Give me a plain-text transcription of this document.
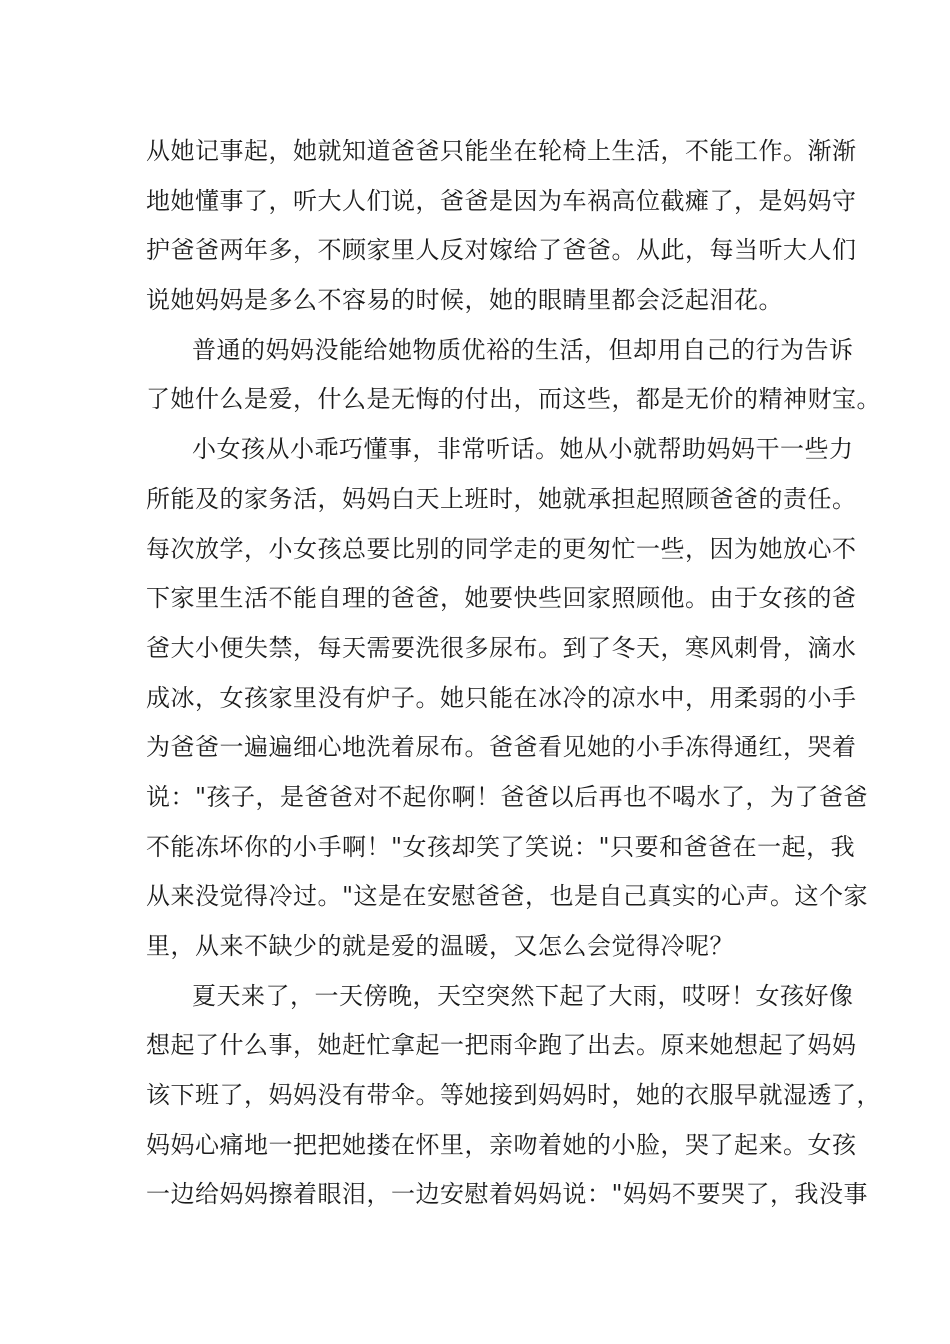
从她记事起，她就知道爸爸只能坐在轮椅上生活，不能工作。渐渐
地她懂事了，听大人们说，爸爸是因为车祸高位截瘫了，是妈妈守
护爸爸两年多，不顾家里人反对嫁给了爸爸。从此，每当听大人们
说她妈妈是多么不容易的时候，她的眼睛里都会泛起泪花。
普通的妈妈没能给她物质优裕的生活，但却用自己的行为告诉
了她什么是爱，什么是无悔的付出，而这些，都是无价的精神财宝。
小女孩从小乖巧懂事，非常听话。她从小就帮助妈妈干一些力
所能及的家务活，妈妈白天上班时，她就承担起照顾爸爸的责任。
每次放学，小女孩总要比别的同学走的更匆忙一些，因为她放心不
下家里生活不能自理的爸爸，她要快些回家照顾他。由于女孩的爸
爸大小便失禁，每天需要洗很多尿布。到了冬天，寒风刺骨，滴水
成冰，女孩家里没有炉子。她只能在冰冷的凉水中，用柔弱的小手
为爸爸一遍遍细心地洗着尿布。爸爸看见她的小手冻得通红，哭着
说："孩子，是爸爸对不起你啊！爸爸以后再也不喝水了，为了爸爸
不能冻坏你的小手啊！"女孩却笑了笑说："只要和爸爸在一起，我
从来没觉得冷过。"这是在安慰爸爸，也是自己真实的心声。这个家
里，从来不缺少的就是爱的温暖，又怎么会觉得冷呢？
夏天来了，一天傍晚，天空突然下起了大雨，哎呀！女孩好像
想起了什么事，她赶忙拿起一把雨伞跑了出去。原来她想起了妈妈
该下班了，妈妈没有带伞。等她接到妈妈时，她的衣服早就湿透了，
妈妈心痛地一把把她搂在怀里，亲吻着她的小脸，哭了起来。女孩
一边给妈妈擦着眼泪，一边安慰着妈妈说："妈妈不要哭了，我没事
